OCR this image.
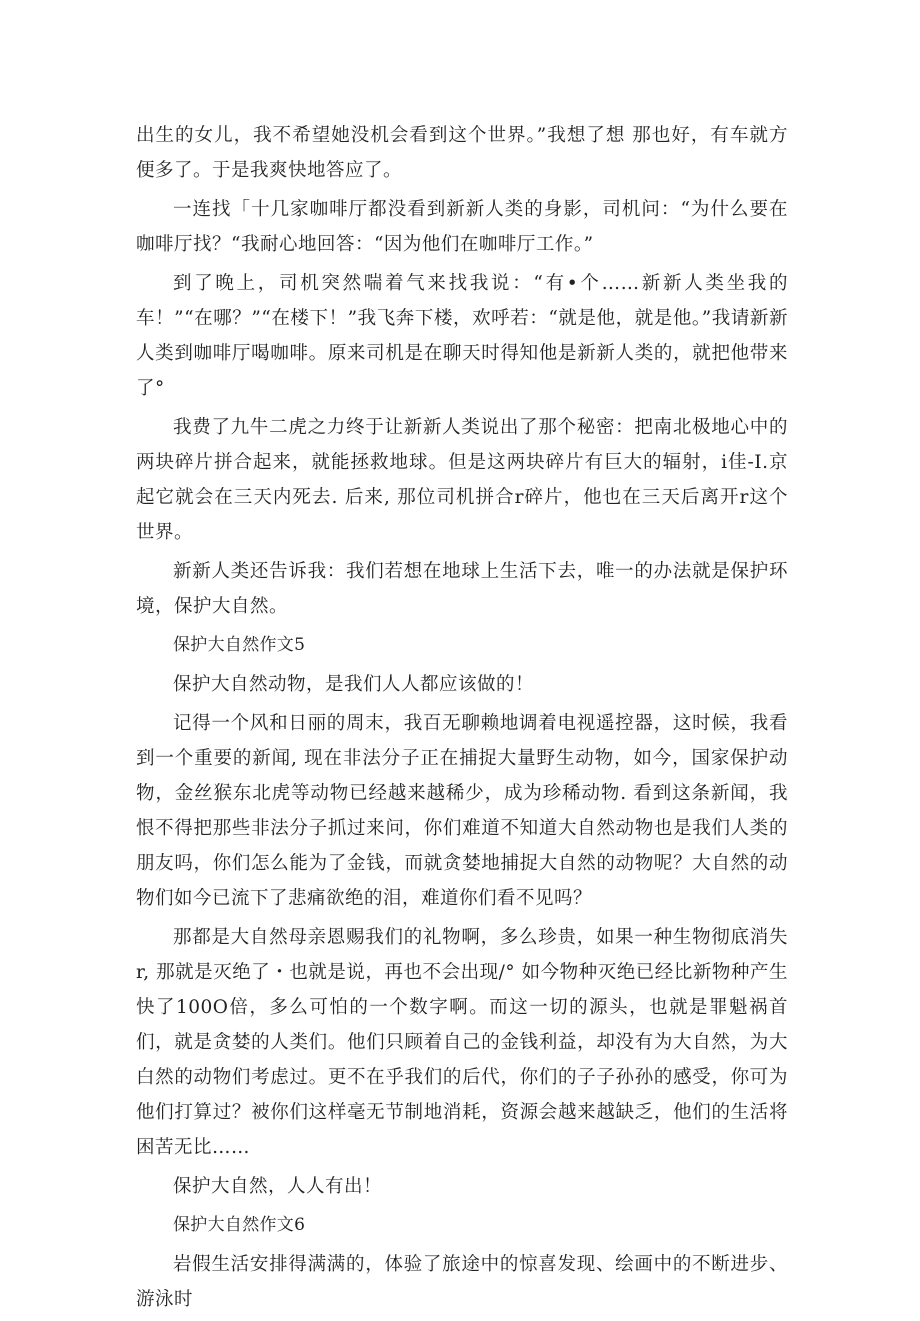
出生的女儿，我不希望她没机会看到这个世界。”我想了想 那也好，有车就方便多了。于是我爽快地答应了。

一连找「十几家咖啡厅都没看到新新人类的身影，司机问：“为什么要在咖啡厅找？“我耐心地回答：“因为他们在咖啡厅工作。”

到了晚上，司机突然喘着气来找我说：“有•个……新新人类坐我的车！”“在哪？”“在楼下！”我飞奔下楼，欢呼若：“就是他，就是他。”我请新新人类到咖啡厅喝咖啡。原来司机是在聊天时得知他是新新人类的，就把他带来了°

我费了九牛二虎之力终于让新新人类说出了那个秘密：把南北极地心中的两块碎片拼合起来，就能拯救地球。但是这两块碎片有巨大的辐射，i佳-I.京起它就会在三天内死去. 后来, 那位司机拼合r碎片，他也在三天后离开r这个世界。

新新人类还告诉我：我们若想在地球上生活下去，唯一的办法就是保护环境，保护大自然。

保护大自然作文5

保护大自然动物，是我们人人都应该做的！

记得一个风和日丽的周末，我百无聊赖地调着电视遥控器，这时候，我看到一个重要的新闻, 现在非法分子正在捕捉大量野生动物，如今，国家保护动物，金丝猴东北虎等动物已经越来越稀少，成为珍稀动物. 看到这条新闻，我恨不得把那些非法分子抓过来问，你们难道不知道大自然动物也是我们人类的朋友吗，你们怎么能为了金钱，而就贪婪地捕捉大自然的动物呢？大自然的动物们如今已流下了悲痛欲绝的泪，难道你们看不见吗？

那都是大自然母亲恩赐我们的礼物啊，多么珍贵，如果一种生物彻底消失r, 那就是灭绝了・也就是说，再也不会出现/° 如今物种灭绝已经比新物种产生快了100O倍，多么可怕的一个数字啊。而这一切的源头，也就是罪魁祸首们，就是贪婪的人类们。他们只顾着自己的金钱利益，却没有为大自然，为大白然的动物们考虑过。更不在乎我们的后代，你们的子子孙孙的感受，你可为他们打算过？被你们这样毫无节制地消耗，资源会越来越缺乏，他们的生活将困苦无比……

保护大自然，人人有出！

保护大自然作文6

岩假生活安排得满满的，体验了旅途中的惊喜发现、绘画中的不断进步、游泳时
